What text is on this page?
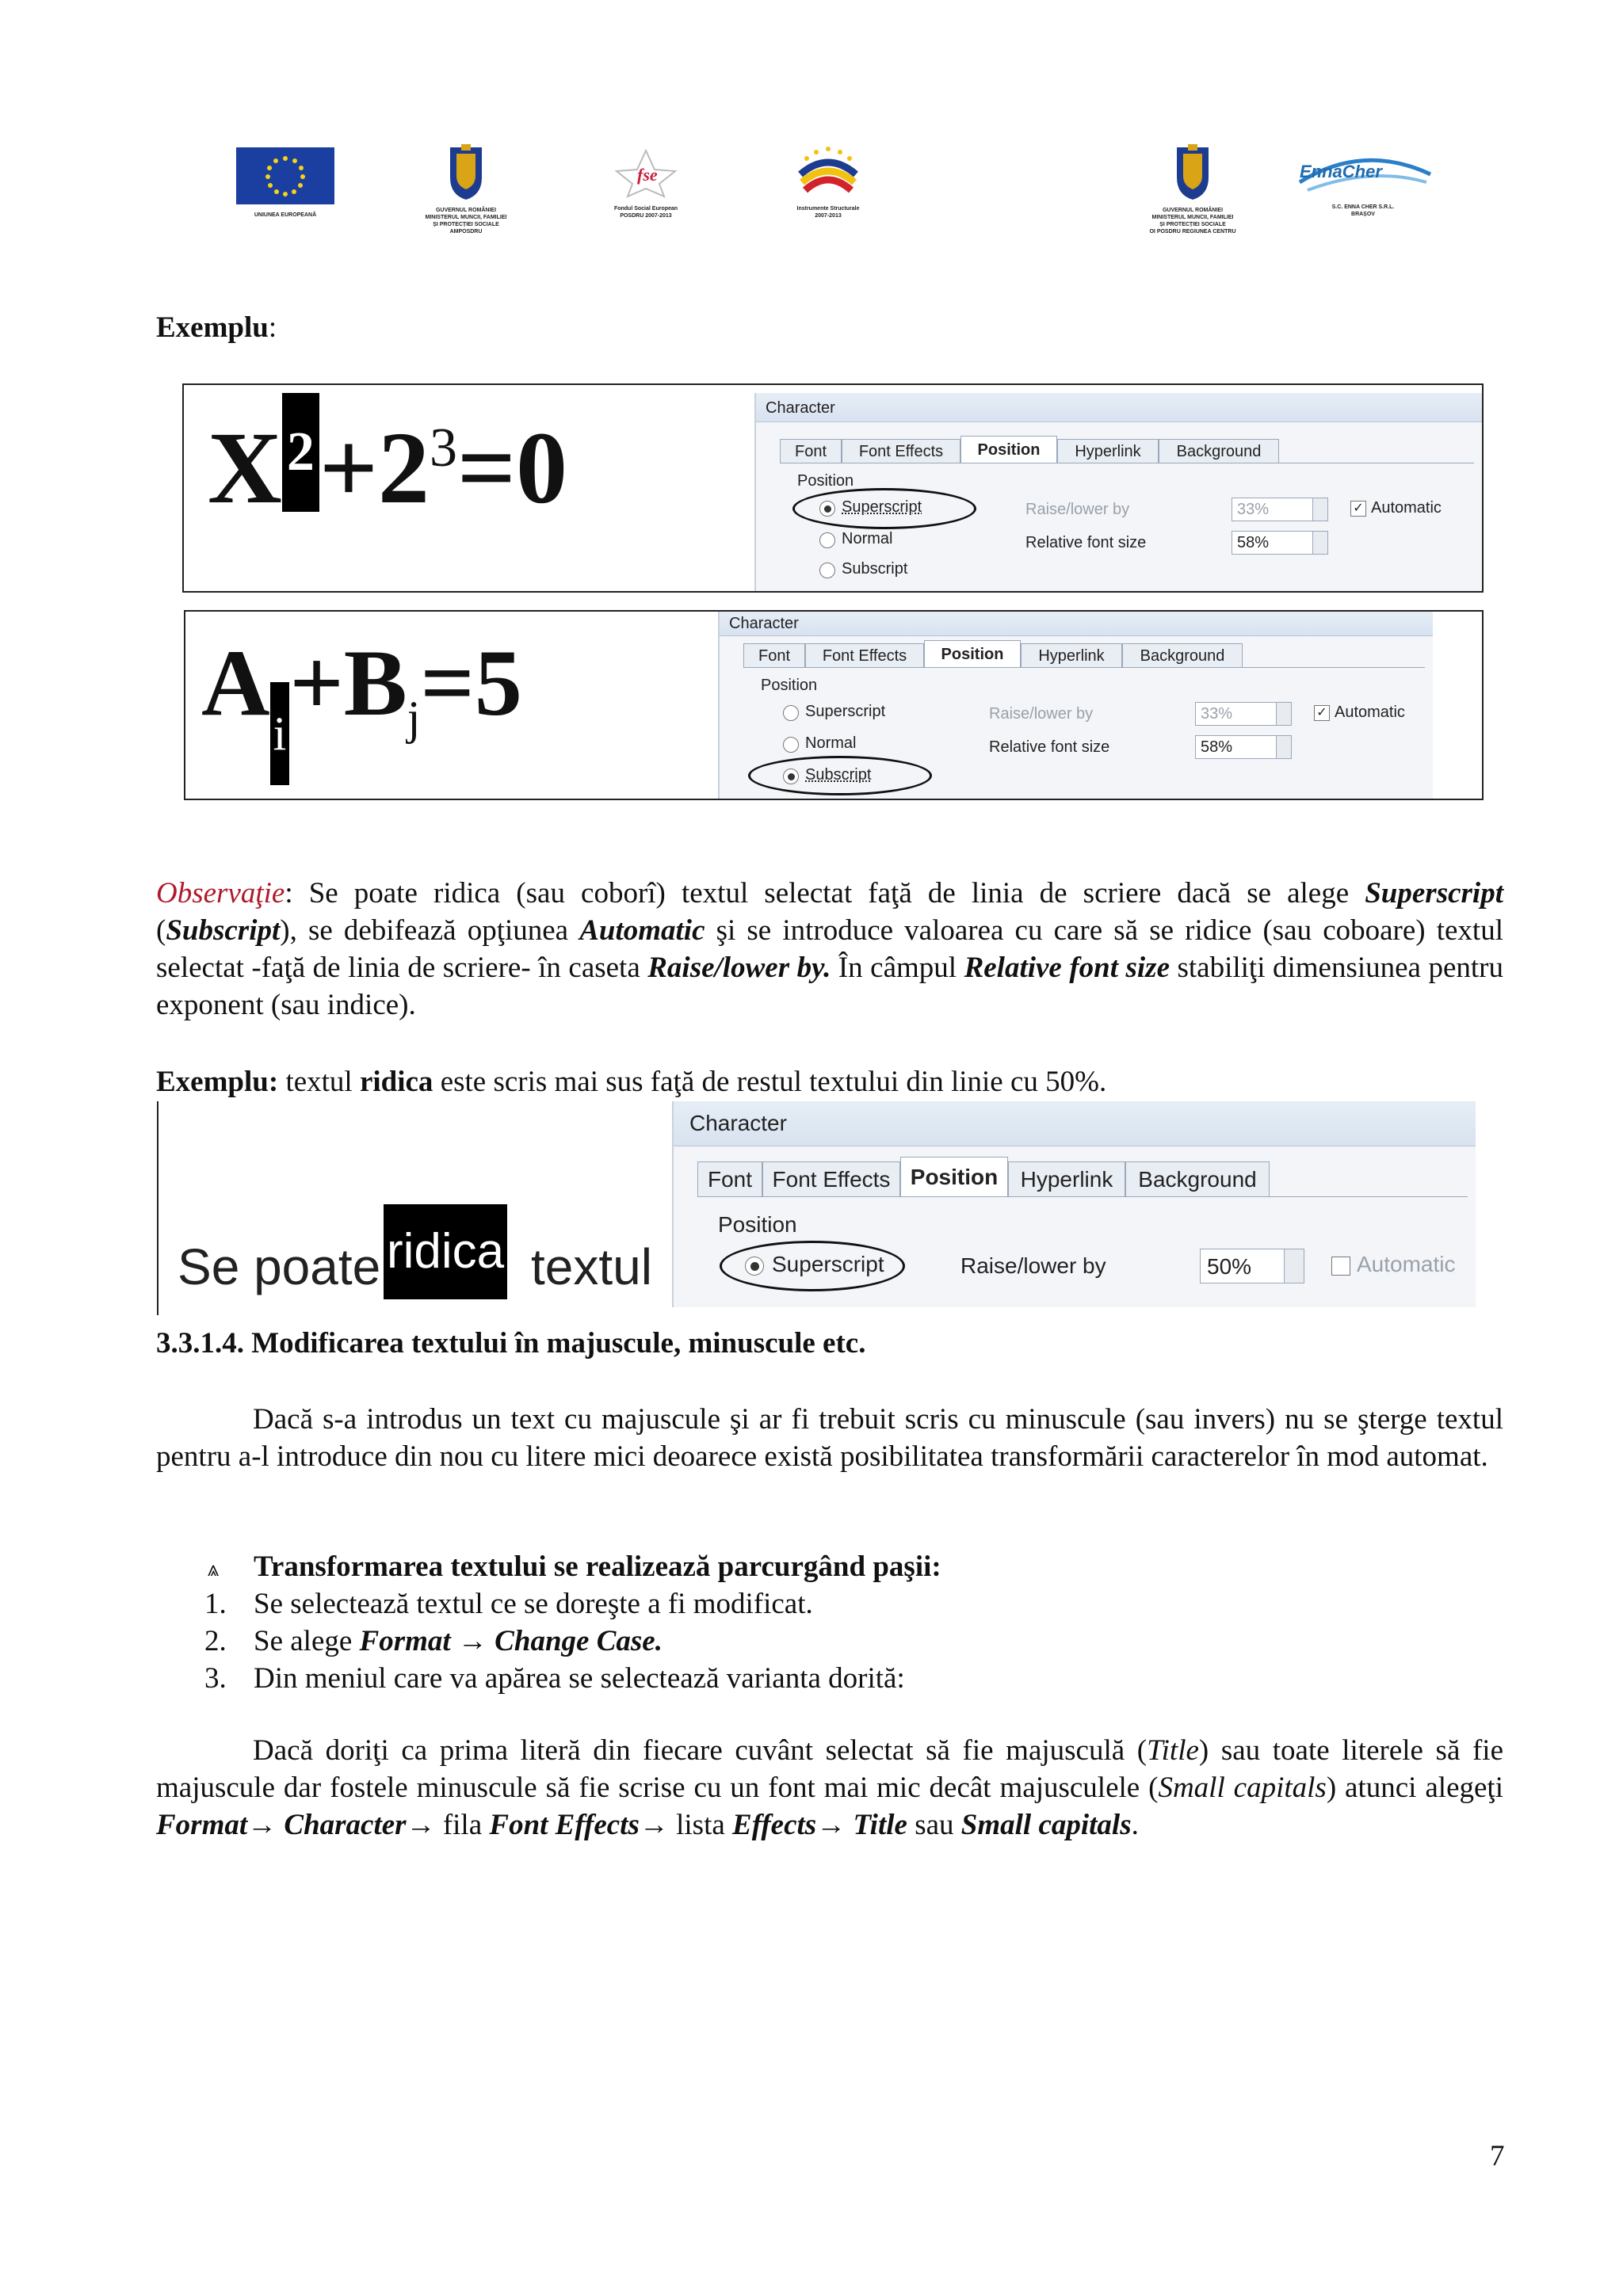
UNIUNEA EUROPEANĂ
GUVERNUL ROMÂNIEI
MINISTERUL MUNCII, FAMILIEI
ȘI PROTECȚIEI SOCIALE
AMPOSDRU
fse
Fondul Social European
POSDRU 2007-2013
Instrumente Structurale
2007-2013
GUVERNUL ROMÂNIEI
MINISTERUL MUNCII, FAMILIEI
ȘI PROTECȚIEI SOCIALE
OI POSDRU REGIUNEA CENTRU
EnnaCher
S.C. ENNA CHER S.R.L.
BRAȘOV
Exemplu:
$X2+2^3=0$
Character
Font	Font Effects	Position	Hyperlink	Background
Position
Superscript
Normal
Subscript
Raise/lower by	33%	✓ Automatic
Relative font size	58%
$Ai+B_j=5$
Character
Font	Font Effects	Position	Hyperlink	Background
Position
Superscript
Normal
Subscript
Raise/lower by	33%	✓ Automatic
Relative font size	58%
Observaţie: Se poate ridica (sau coborî) textul selectat faţă de linia de scriere dacă se alege Superscript (Subscript), se debifează opţiunea Automatic şi se introduce valoarea cu care să se ridice (sau coboare) textul selectat -faţă de linia de scriere- în caseta Raise/lower by. În câmpul Relative font size stabiliţi dimensiunea pentru exponent (sau indice).
Exemplu: textul ridica este scris mai sus faţă de restul textului din linie cu 50%.
Se poate ridica textul
Character
Font Font Effects Position	Hyperlink	Background
Position
Superscript	Raise/lower by	50%	Automatic
3.3.1.4. Modificarea textului în majuscule, minuscule etc.
Dacă s-a introdus un text cu majuscule şi ar fi trebuit scris cu minuscule (sau invers) nu se şterge textul pentru a-l introduce din nou cu litere mici deoarece există posibilitatea transformării caracterelor în mod automat.
⩓ Transformarea textului se realizează parcurgând paşii:
1. Se selectează textul ce se doreşte a fi modificat.
2. Se alege Format → Change Case.
3. Din meniul care va apărea se selectează varianta dorită:
Dacă doriţi ca prima literă din fiecare cuvânt selectat să fie majusculă (Title) sau toate literele să fie majuscule dar fostele minuscule să fie scrise cu un font mai mic decât majusculele (Small capitals) atunci alegeţi Format→ Character→ fila Font Effects→ lista Effects→ Title sau Small capitals.
7
